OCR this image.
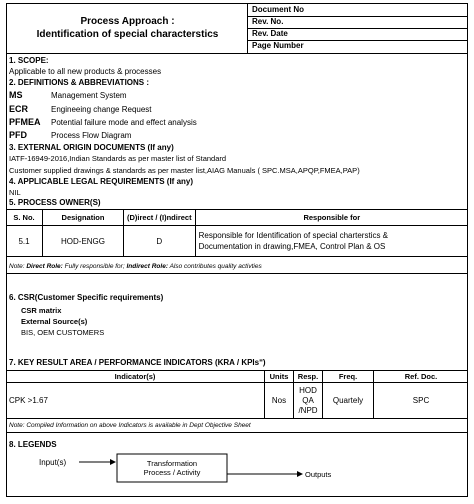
Process Approach :
Identification of special characterstics
Document No
Rev. No.
Rev. Date
Page Number
1. SCOPE:
Applicable to all new products & processes
2. DEFINITIONS & ABBREVIATIONS :
MS	Management System
ECR	Engineeing change Request
PFMEA Potential failure mode and effect analysis
PFD	Process Flow Diagram
3. EXTERNAL ORIGIN DOCUMENTS (If any)
IATF-16949-2016,Indian Standards as per master list of Standard
Customer supplied drawings & standards as per master list,AIAG Manuals ( SPC.MSA,APQP,FMEA,PAP)
4. APPLICABLE LEGAL REQUIREMENTS (If any)
NIL
5. PROCESS OWNER(S)
S. No.	Designation	(D)irect / (I)ndirect	Responsible for
5.1	HOD-ENGG	D	Responsible for Identification of special charterstics &
Documentation in drawing,FMEA, Control Plan & OS
Note: Direct Role: Fully responsible for; Indirect Role: Also contributes quality activties
6. CSR(Customer Specific requirements)
CSR matrix
External Source(s)
BIS, OEM CUSTOMERS
7. KEY RESULT AREA / PERFORMANCE INDICATORS (KRA / KPIsʺ)
Indicator(s)	Units	Resp.	Freq.	Ref. Doc.
CPK >1.67	Nos	HOD
QA
/NPD	Quartely	SPC
Note: Compiled Information on above Indicators is available in Dept Objective Sheet
8. LEGENDS
Input(s)	Transformation
Process / Activity	Outputs
